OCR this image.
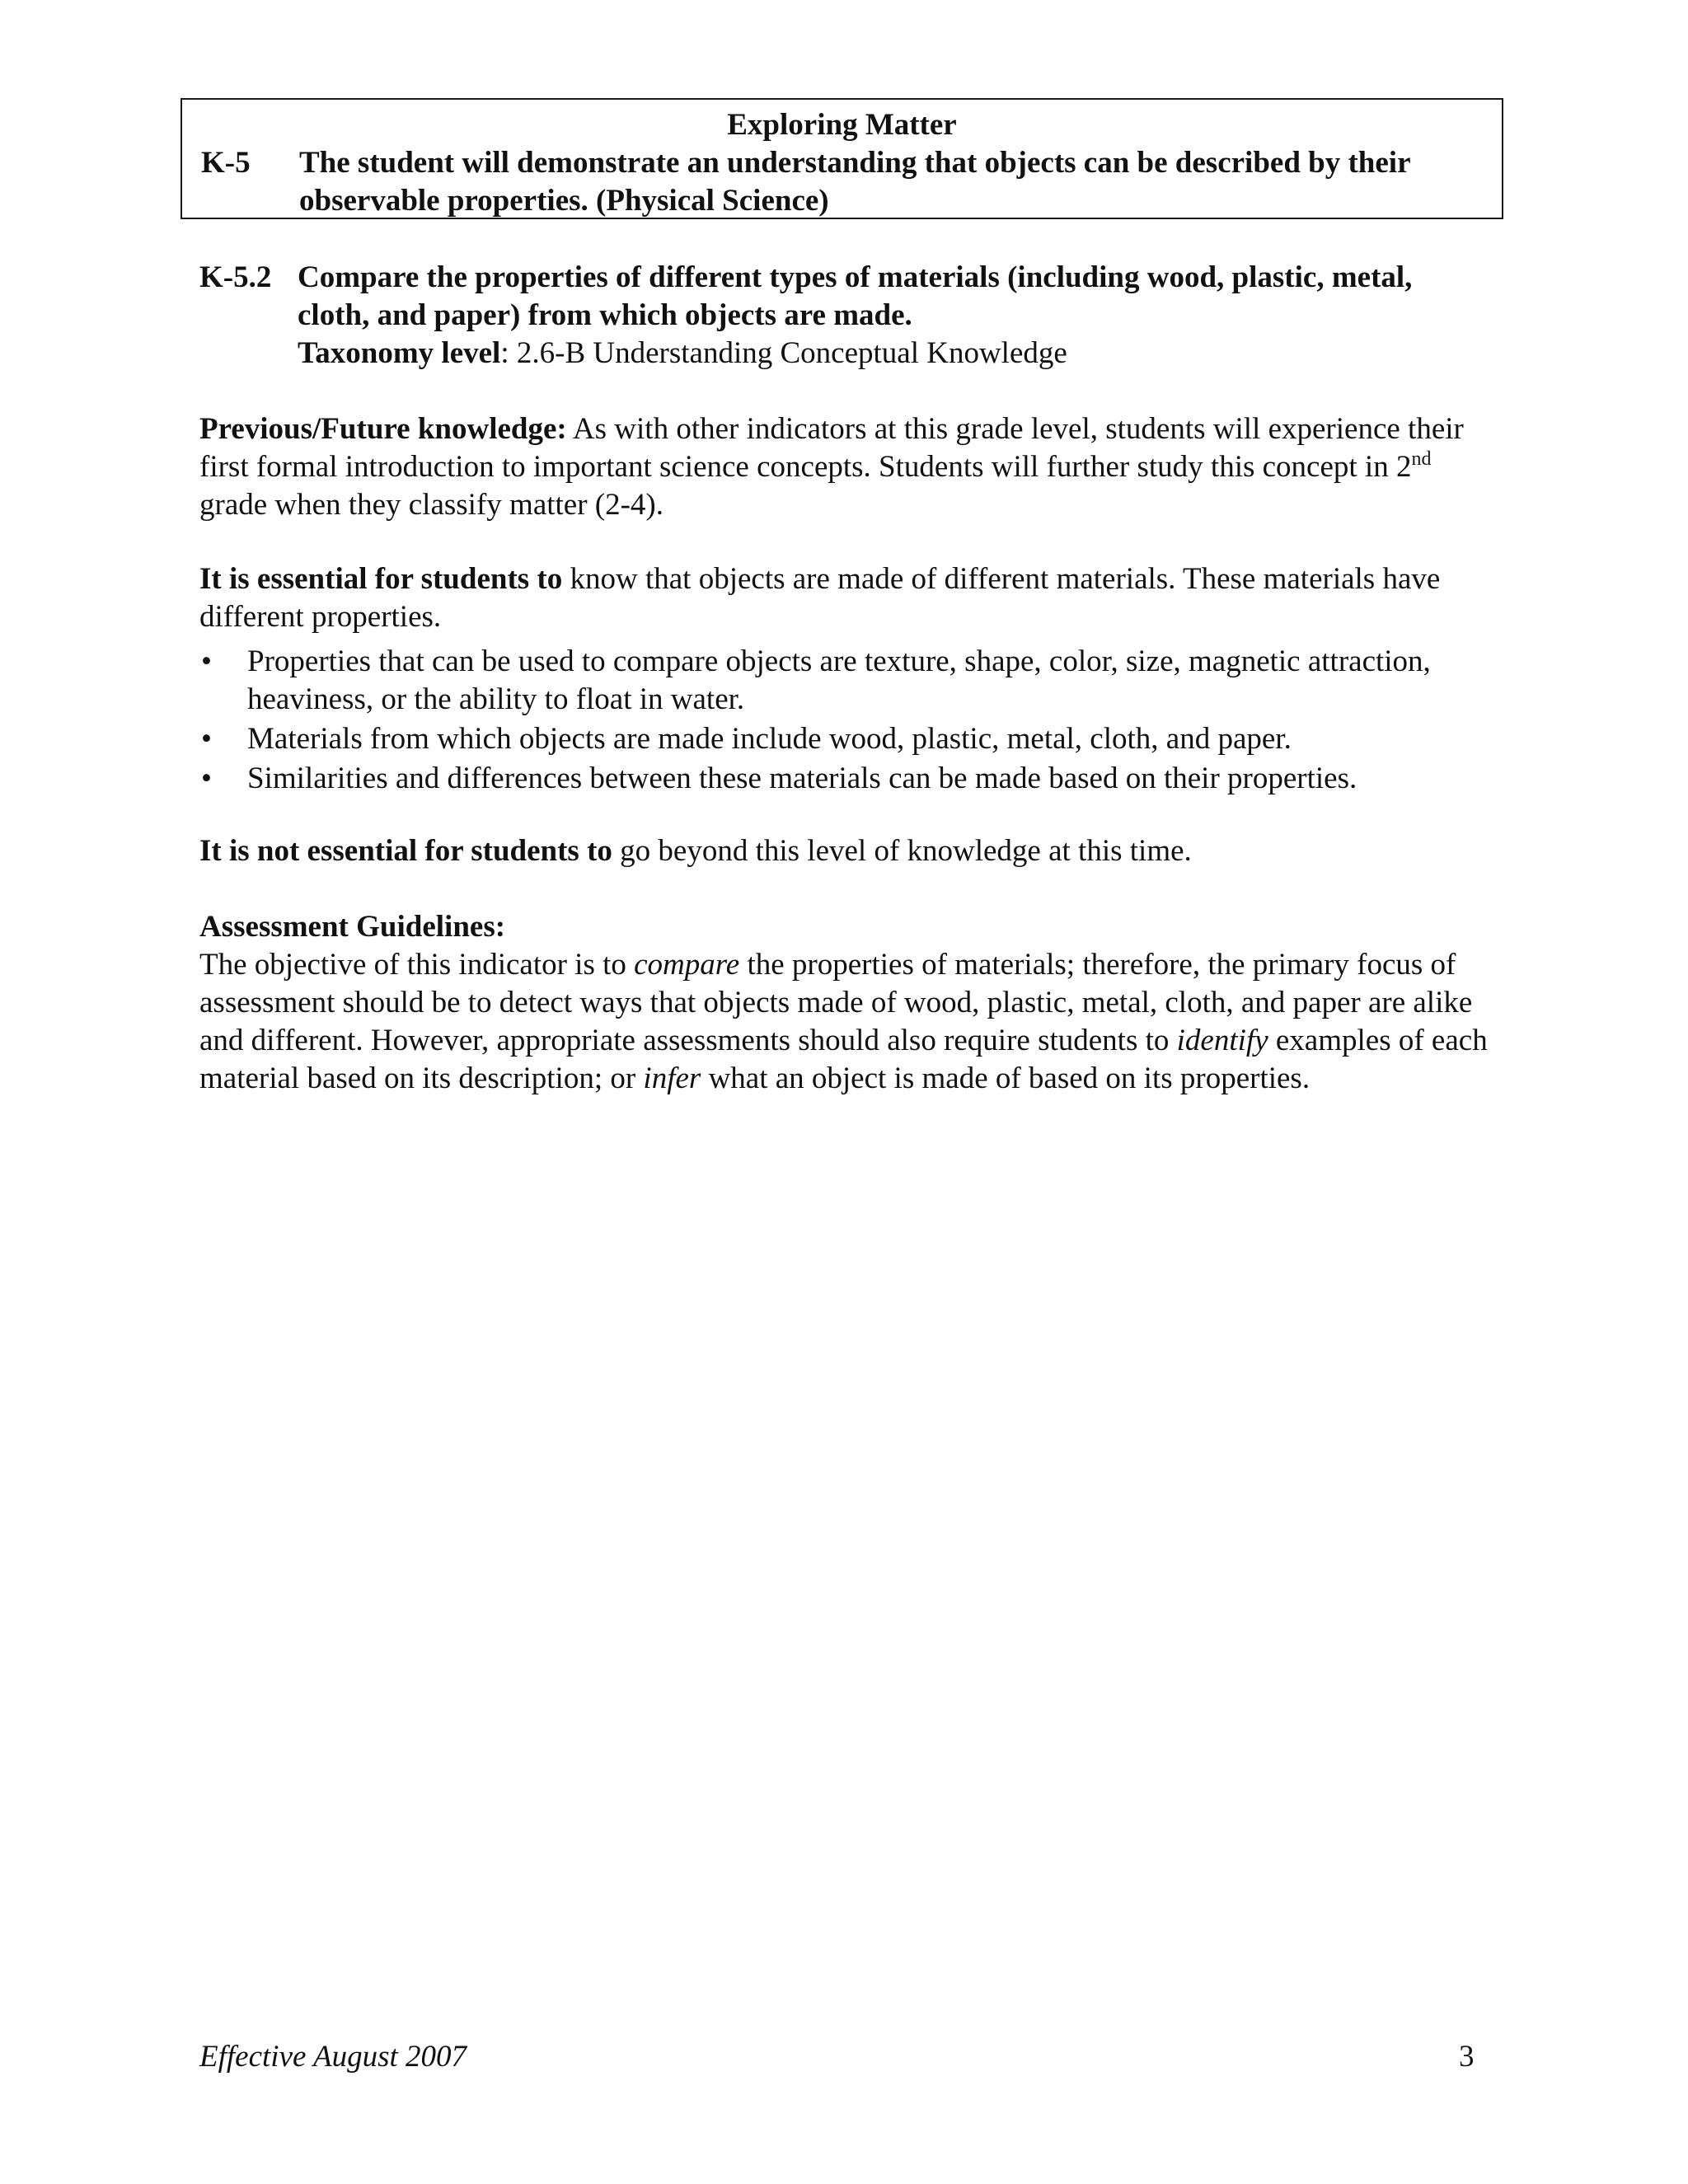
Exploring Matter
K-5 The student will demonstrate an understanding that objects can be described by their observable properties. (Physical Science)
K-5.2 Compare the properties of different types of materials (including wood, plastic, metal, cloth, and paper) from which objects are made.
Taxonomy level: 2.6-B Understanding Conceptual Knowledge
Previous/Future knowledge: As with other indicators at this grade level, students will experience their first formal introduction to important science concepts. Students will further study this concept in 2nd grade when they classify matter (2-4).
It is essential for students to know that objects are made of different materials. These materials have different properties.
• Properties that can be used to compare objects are texture, shape, color, size, magnetic attraction, heaviness, or the ability to float in water.
• Materials from which objects are made include wood, plastic, metal, cloth, and paper.
• Similarities and differences between these materials can be made based on their properties.
It is not essential for students to go beyond this level of knowledge at this time.
Assessment Guidelines:
The objective of this indicator is to compare the properties of materials; therefore, the primary focus of assessment should be to detect ways that objects made of wood, plastic, metal, cloth, and paper are alike and different. However, appropriate assessments should also require students to identify examples of each material based on its description; or infer what an object is made of based on its properties.
Effective August 2007	3
